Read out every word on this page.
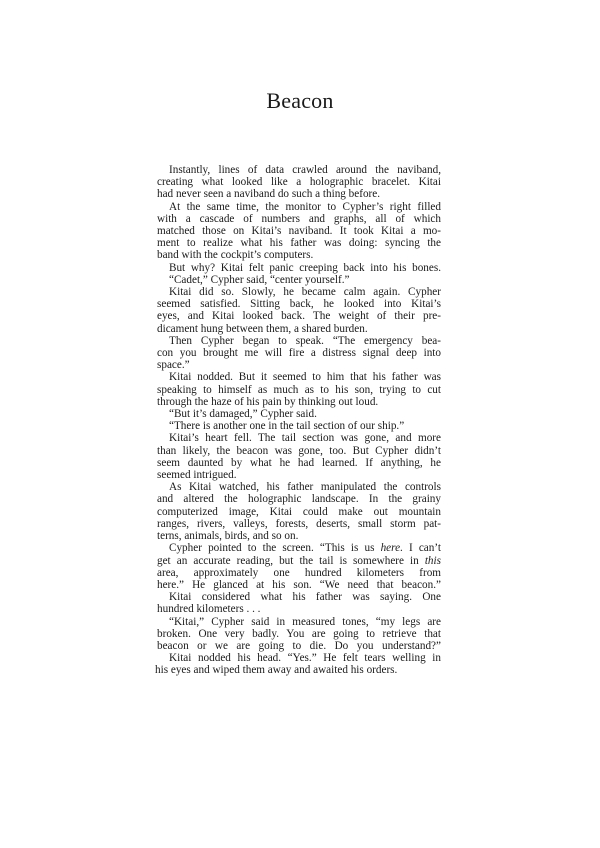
Beacon
Instantly, lines of data crawled around the naviband,
creating what looked like a holographic bracelet. Kitai
had never seen a naviband do such a thing before.
At the same time, the monitor to Cypher’s right filled
with a cascade of numbers and graphs, all of which
matched those on Kitai’s naviband. It took Kitai a mo-
ment to realize what his father was doing: syncing the
band with the cockpit’s computers.
But why? Kitai felt panic creeping back into his bones.
“Cadet,” Cypher said, “center yourself.”
Kitai did so. Slowly, he became calm again. Cypher
seemed satisfied. Sitting back, he looked into Kitai’s
eyes, and Kitai looked back. The weight of their pre-
dicament hung between them, a shared burden.
Then Cypher began to speak. “The emergency bea-
con you brought me will fire a distress signal deep into
space.”
Kitai nodded. But it seemed to him that his father was
speaking to himself as much as to his son, trying to cut
through the haze of his pain by thinking out loud.
“But it’s damaged,” Cypher said.
“There is another one in the tail section of our ship.”
Kitai’s heart fell. The tail section was gone, and more
than likely, the beacon was gone, too. But Cypher didn’t
seem daunted by what he had learned. If anything, he
seemed intrigued.
As Kitai watched, his father manipulated the controls
and altered the holographic landscape. In the grainy
computerized image, Kitai could make out mountain
ranges, rivers, valleys, forests, deserts, small storm pat-
terns, animals, birds, and so on.
Cypher pointed to the screen. “This is us here. I can’t
get an accurate reading, but the tail is somewhere in this
area, approximately one hundred kilometers from
here.” He glanced at his son. “We need that beacon.”
Kitai considered what his father was saying. One
hundred kilometers . . .
“Kitai,” Cypher said in measured tones, “my legs are
broken. One very badly. You are going to retrieve that
beacon or we are going to die. Do you understand?”
Kitai nodded his head. “Yes.” He felt tears welling in
his eyes and wiped them away and awaited his orders.
